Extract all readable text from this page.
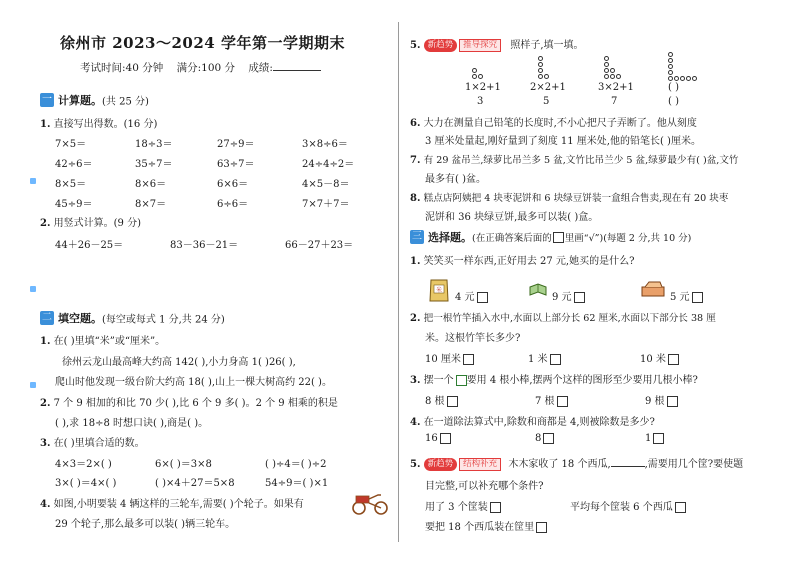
徐州市 2023～2024 学年第一学期期末
考试时间:40 分钟 满分:100 分 成绩:
一 计算题。(共 25 分)
1. 直接写出得数。(16 分)
7×5＝	18÷3＝	27÷9＝	3×8÷6＝
42÷6＝	35÷7＝	63÷7＝	24÷4÷2＝
8×5＝	8×6＝	6×6＝	4×5－8＝
45÷9＝	8×7＝	6÷6＝	7×7＋7＝
2. 用竖式计算。(9 分)
44＋26－25＝	83－36－21＝	66－27＋23＝
二 填空题。(每空或每式 1 分,共 24 分)
1. 在( )里填“米”或“厘米”。
徐州云龙山最高峰大约高 142( ),小力身高 1( )26( ),
爬山时他发现一级台阶大约高 18( ),山上一棵大树高约 22( )。
2. 7 个 9 相加的和比 70 少( ),比 6 个 9 多( )。2 个 9 相乘的积是
( ),求 18÷8 时想口诀( ),商是( )。
3. 在( )里填合适的数。
4×3＝2×( )	6×( )＝3×8	( )÷4＝( )÷2
3×( )＝4×( )	( )×4＋27＝5×8	54÷9＝( )×1
4. 如图,小明要装 4 辆这样的三轮车,需要( )个轮子。如果有
29 个轮子,那么最多可以装( )辆三轮车。
5. 新趋势 推导探究 照样子,填一填。
1×2+1	2×2+1	3×2+1	( )
3	5	7	( )
6. 大力在测量自己铅笔的长度时,不小心把尺子弄断了。他从刻度
3 厘米处量起,刚好量到了刻度 11 厘米处,他的铅笔长( )厘米。
7. 有 29 盆吊兰,绿萝比吊兰多 5 盆,文竹比吊兰少 5 盆,绿萝最少有( )盆,文竹
最多有( )盆。
8. 糕点店阿姨把 4 块枣泥饼和 6 块绿豆饼装一盒组合售卖,现在有 20 块枣
泥饼和 36 块绿豆饼,最多可以装( )盒。
三 选择题。(在正确答案后面的 里画“√”)(每题 2 分,共 10 分)
1. 笑笑买一样东西,正好用去 27 元,她买的是什么?
米
4 元	9 元	5 元
2. 把一根竹竿插入水中,水面以上部分长 62 厘米,水面以下部分长 38 厘
米。这根竹竿长多少?
10 厘米	1 米	10 米
3. 摆一个 要用 4 根小棒,摆两个这样的图形至少要用几根小棒?
8 根	7 根	9 根
4. 在一道除法算式中,除数和商都是 4,则被除数是多少?
16	8	1
5. 新趋势 结构补充 木木家收了 18 个西瓜,	,需要用几个筐?要使题
目完整,可以补充哪个条件?
用了 3 个筐装	平均每个筐装 6 个西瓜
要把 18 个西瓜装在筐里
